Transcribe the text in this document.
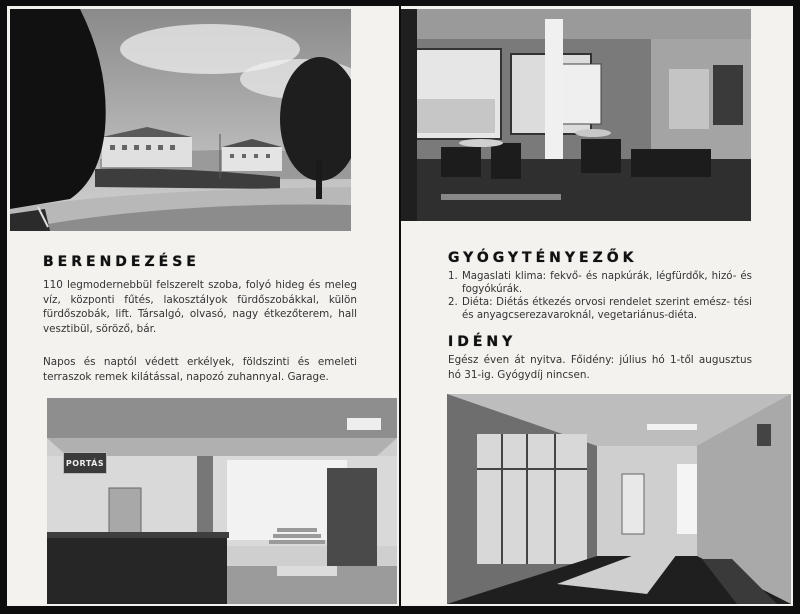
BERENDEZÉSE

110 legmodernebbül felszerelt szoba, folyó hideg és meleg víz, központi fűtés, lakosztályok fürdőszobákkal, külön fürdőszobák, lift. Társalgó, olvasó, nagy étkezőterem, hall vesztibül, söröző, bár.

Napos és naptól védett erkélyek, földszinti és emeleti terraszok remek kilátással, napozó zuhannyal. Garage.

PORTÁS
GYÓGYTÉNYEZŐK
1. Magaslati klima: fekvő- és napkúrák, légfürdők, hizó- és fogyókúrák.
2. Diéta: Diétás étkezés orvosi rendelet szerint emész- tési és anyagcserezavaroknál, vegetariánus-diéta.
IDÉNY

Egész éven át nyitva. Főidény: július hó 1-től augusztus hó 31-ig. Gyógydíj nincsen.
